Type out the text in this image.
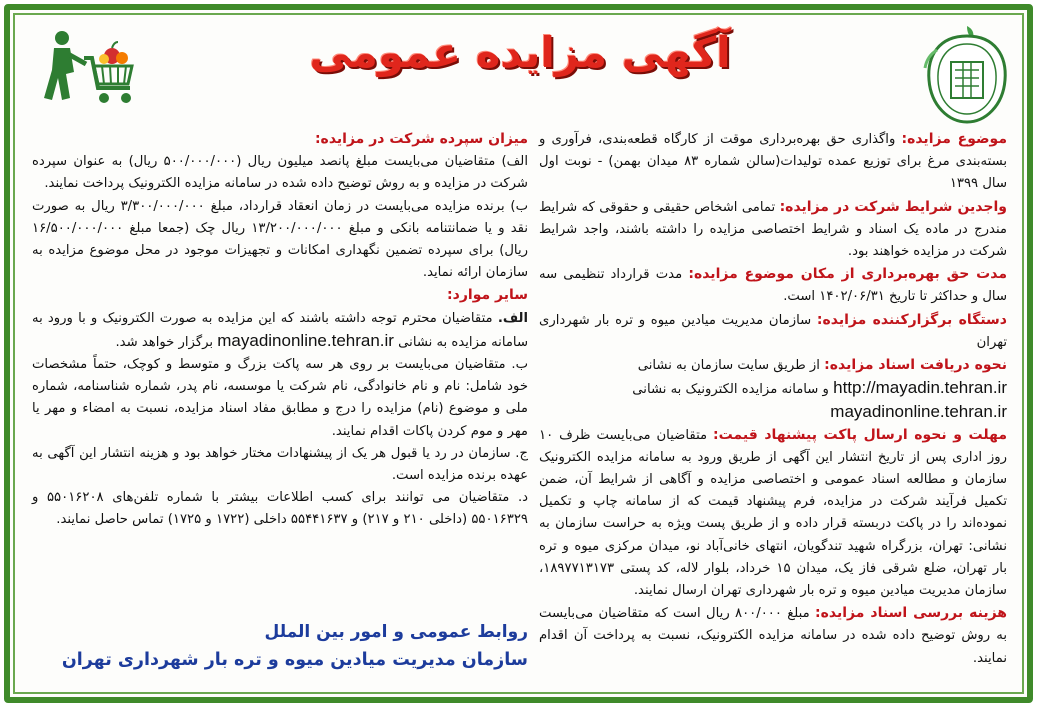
آگهی مزایده عمومی

موضوع مزایده: واگذاری حق بهره‌برداری موقت از کارگاه قطعه‌بندی، فرآوری و بسته‌بندی مرغ برای توزیع عمده تولیدات(سالن شماره ۸۳ میدان بهمن) - نوبت اول سال ۱۳۹۹

واجدین شرایط شرکت در مزایده: تمامی اشخاص حقیقی و حقوقی که شرایط مندرج در ماده یک اسناد و شرایط اختصاصی مزایده را داشته باشند، واجد شرایط شرکت در مزایده خواهند بود.

مدت حق بهره‌برداری از مکان موضوع مزایده: مدت قرارداد تنظیمی سه سال و حداکثر تا تاریخ ۱۴۰۲/۰۶/۳۱ است.

دستگاه برگزارکننده مزایده: سازمان مدیریت میادین میوه و تره بار شهرداری تهران

نحوه دریافت اسناد مزایده: از طریق سایت سازمان به نشانی

http://mayadin.tehran.ir و سامانه مزایده الکترونیک به نشانی

mayadinonline.tehran.ir

مهلت و نحوه ارسال پاکت پیشنهاد قیمت: متقاضیان می‌بایست ظرف ۱۰ روز اداری پس از تاریخ انتشار این آگهی از طریق ورود به سامانه مزایده الکترونیک سازمان و مطالعه اسناد عمومی و اختصاصی مزایده و آگاهی از شرایط آن، ضمن تکمیل فرآیند شرکت در مزایده، فرم پیشنهاد قیمت که از سامانه چاپ و تکمیل نموده‌اند را در پاکت دربسته قرار داده و از طریق پست ویژه به حراست سازمان به نشانی: تهران، بزرگراه شهید تندگویان، انتهای خانی‌آباد نو، میدان مرکزی میوه و تره بار تهران، ضلع شرقی فاز یک، میدان ۱۵ خرداد، بلوار لاله، کد پستی ۱۸۹۷۷۱۳۱۷۳، سازمان مدیریت میادین میوه و تره بار شهرداری تهران ارسال نمایند.

هزینه بررسی اسناد مزایده: مبلغ ۸۰۰/۰۰۰ ریال است که متقاضیان می‌بایست به روش توضیح داده شده در سامانه مزایده الکترونیک، نسبت به پرداخت آن اقدام نمایند.

میزان سپرده شرکت در مزایده:

الف) متقاضیان می‌بایست مبلغ پانصد میلیون ریال (۵۰۰/۰۰۰/۰۰۰ ریال) به عنوان سپرده شرکت در مزایده و به روش توضیح داده شده در سامانه مزایده الکترونیک پرداخت نمایند.

ب) برنده مزایده می‌بایست در زمان انعقاد قرارداد، مبلغ ۳/۳۰۰/۰۰۰/۰۰۰ ریال به صورت نقد و یا ضمانتنامه بانکی و مبلغ ۱۳/۲۰۰/۰۰۰/۰۰۰ ریال چک (جمعا مبلغ ۱۶/۵۰۰/۰۰۰/۰۰۰ ریال) برای سپرده تضمین نگهداری امکانات و تجهیزات موجود در محل موضوع مزایده به سازمان ارائه نماید.

سایر موارد:

الف. متقاضیان محترم توجه داشته باشند که این مزایده به صورت الکترونیک و با ورود به سامانه مزایده به نشانی mayadinonline.tehran.ir برگزار خواهد شد.

ب. متقاضیان می‌بایست بر روی هر سه پاکت بزرگ و متوسط و کوچک، حتماً مشخصات خود شامل: نام و نام خانوادگی، نام شرکت یا موسسه، نام پدر، شماره شناسنامه، شماره ملی و موضوع (نام) مزایده را درج و مطابق مفاد اسناد مزایده، نسبت به امضاء و مهر یا مهر و موم کردن پاکات اقدام نمایند.

ج. سازمان در رد یا قبول هر یک از پیشنهادات مختار خواهد بود و هزینه انتشار این آگهی به عهده برنده مزایده است.

د. متقاضیان می توانند برای کسب اطلاعات بیشتر با شماره تلفن‌های ۵۵۰۱۶۲۰۸ و ۵۵۰۱۶۳۲۹ (داخلی ۲۱۰ و ۲۱۷) و ۵۵۴۴۱۶۳۷ داخلی (۱۷۲۲ و ۱۷۲۵) تماس حاصل نمایند.

روابط عمومی و امور بین الملل
سازمان مدیریت میادین میوه و تره بار شهرداری تهران
